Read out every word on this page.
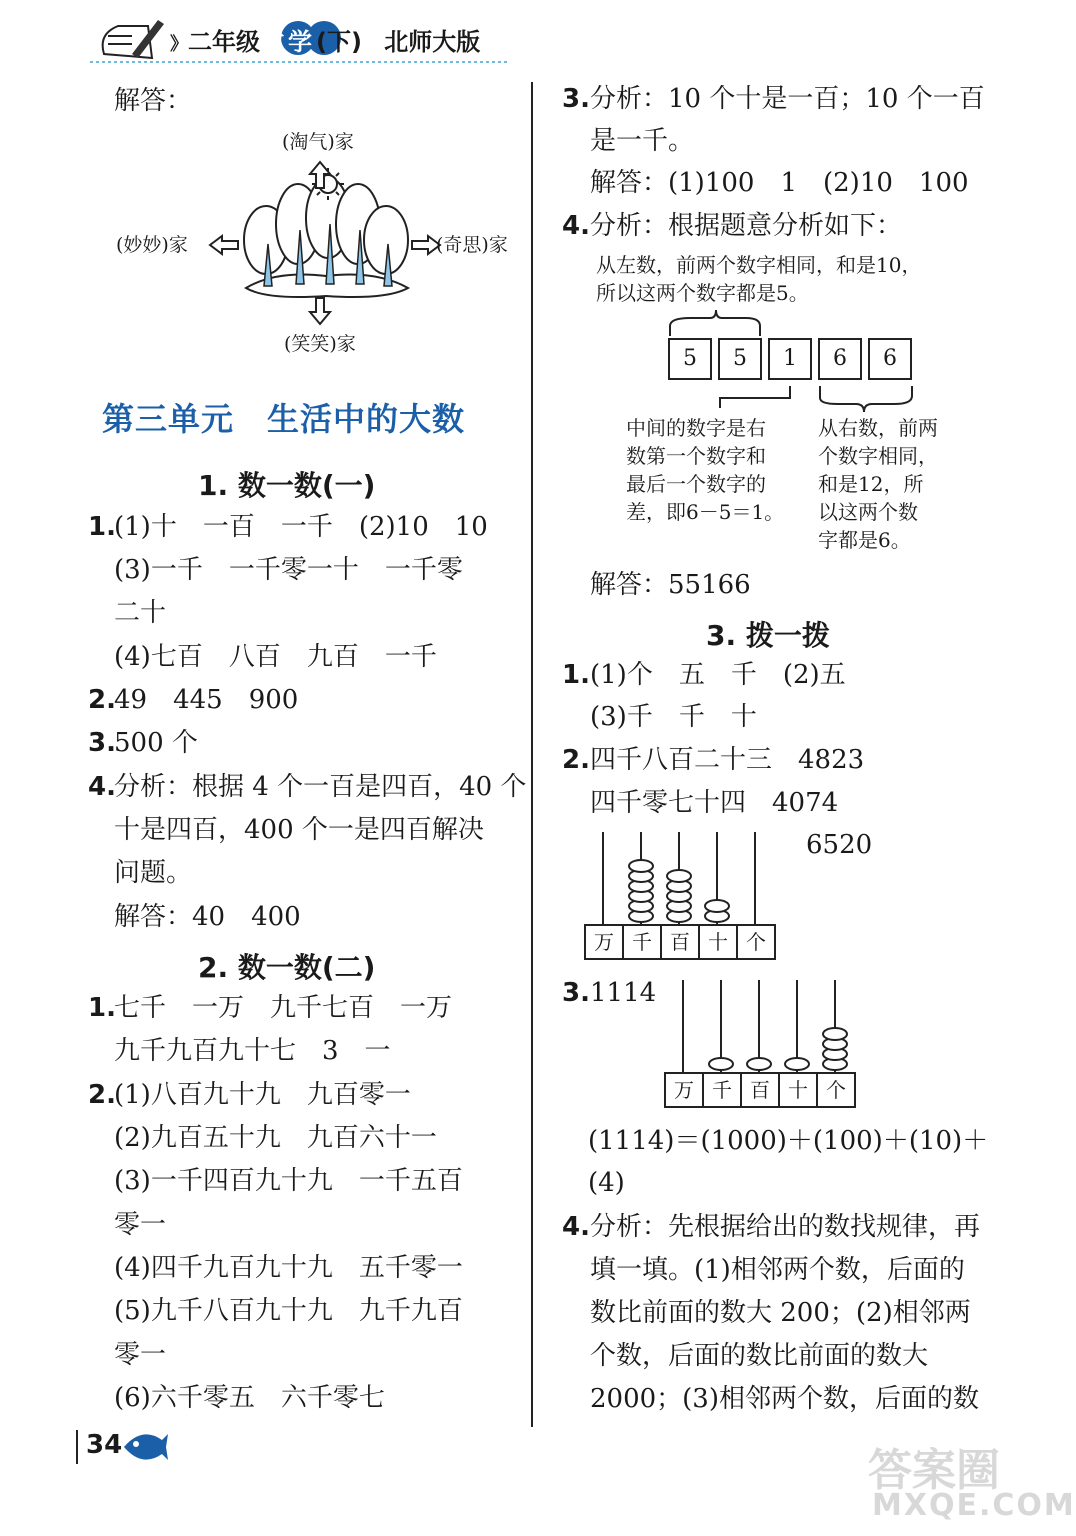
》二年级数学(下) 北师大版
解答：
(淘气)家
(妙妙)家	(奇思)家
(笑笑)家
第三单元　生活中的大数
1. 数一数(一)
1.
(1)十　一百　一千　(2)10　10
(3)一千　一千零一十　一千零
二十
(4)七百　八百　九百　一千
2.
49　445　900
3.
500 个
4.
分析：根据 4 个一百是四百，40 个
十是四百，400 个一是四百解决
问题。
解答：40　400
2. 数一数(二)
1.
七千　一万　九千七百　一万
九千九百九十七　3　一
2.
(1)八百九十九　九百零一
(2)九百五十九　九百六十一
(3)一千四百九十九　一千五百
零一
(4)四千九百九十九　五千零一
(5)九千八百九十九　九千九百
零一
(6)六千零五　六千零七
34
3. 分析：10 个十是一百；10 个一百
是一千。
解答：(1)100　1　(2)10　100
4. 分析：根据题意分析如下：
从左数，前两个数字相同，和是10，
所以这两个数字都是5。
5	5	1	6	6
中间的数字是右
数第一个数字和
最后一个数字的
差，即6－5＝1。
从右数，前两
个数字相同，
和是12，所
以这两个数
字都是6。
解答：55166
3. 拨一拨
1. (1)个　五　千　(2)五
(3)千　千　十
2. 四千八百二十三　4823
四千零七十四　4074
6520
万 千 百 十 个
3. 1114
万 千 百 十 个
(1114)＝(1000)＋(100)＋(10)＋
(4)
4. 分析：先根据给出的数找规律，再
填一填。(1)相邻两个数，后面的
数比前面的数大 200；(2)相邻两
个数，后面的数比前面的数大
2000；(3)相邻两个数，后面的数
答案圈
MXQE.COM
